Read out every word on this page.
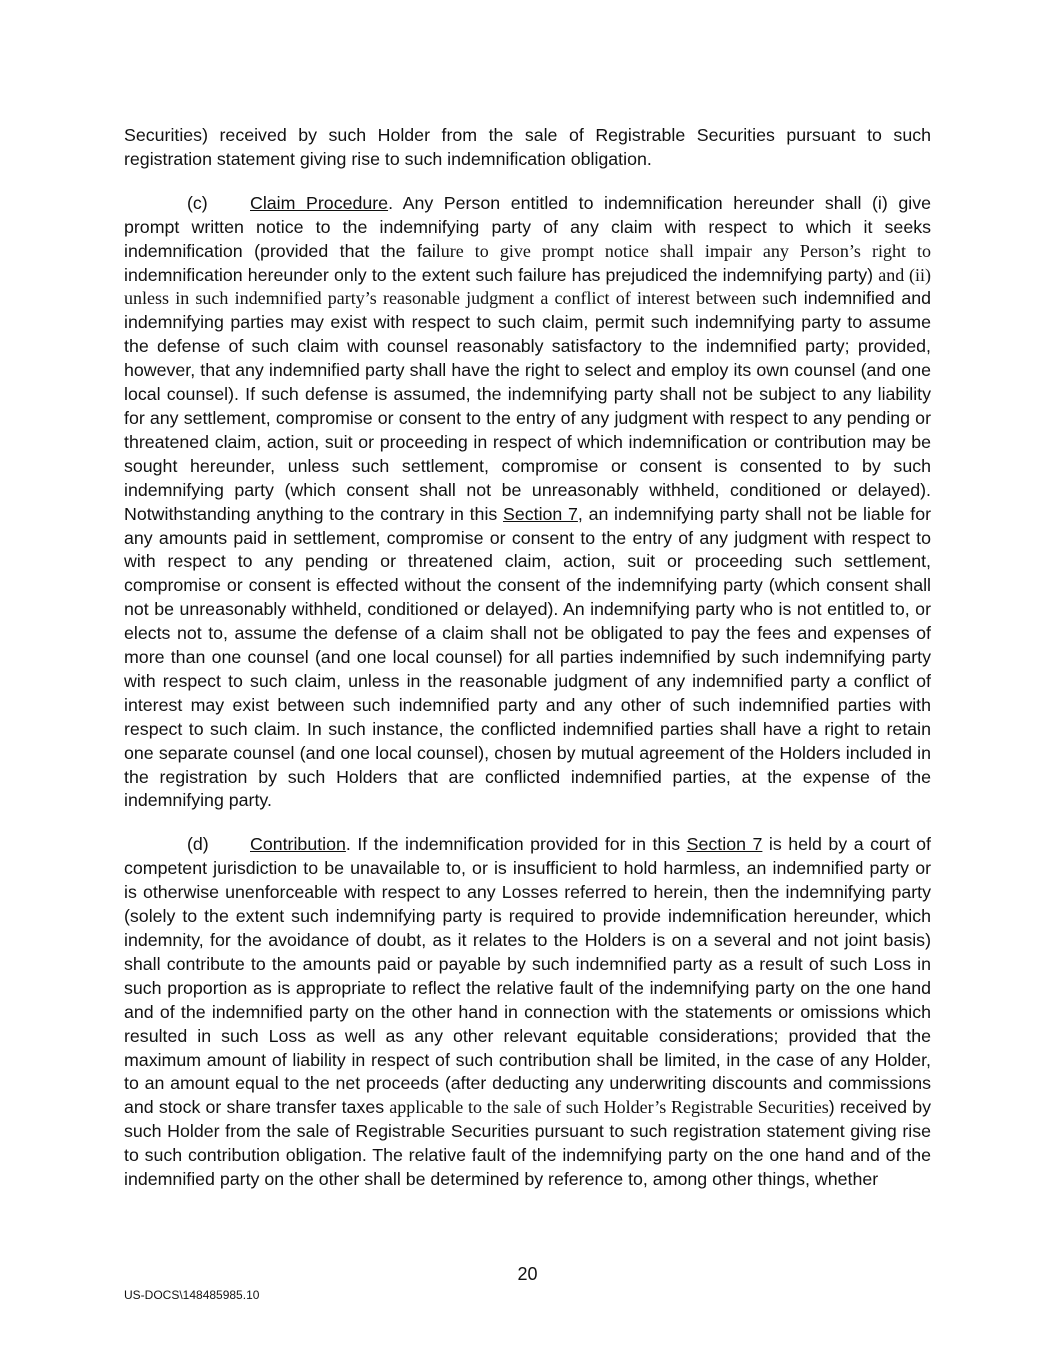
Securities) received by such Holder from the sale of Registrable Securities pursuant to such registration statement giving rise to such indemnification obligation.

(c) Claim Procedure. Any Person entitled to indemnification hereunder shall (i) give prompt written notice to the indemnifying party of any claim with respect to which it seeks indemnification (provided that the failure to give prompt notice shall impair any Person’s right to indemnification hereunder only to the extent such failure has prejudiced the indemnifying party) and (ii) unless in such indemnified party’s reasonable judgment a conflict of interest between such indemnified and indemnifying parties may exist with respect to such claim, permit such indemnifying party to assume the defense of such claim with counsel reasonably satisfactory to the indemnified party; provided, however, that any indemnified party shall have the right to select and employ its own counsel (and one local counsel). If such defense is assumed, the indemnifying party shall not be subject to any liability for any settlement, compromise or consent to the entry of any judgment with respect to any pending or threatened claim, action, suit or proceeding in respect of which indemnification or contribution may be sought hereunder, unless such settlement, compromise or consent is consented to by such indemnifying party (which consent shall not be unreasonably withheld, conditioned or delayed). Notwithstanding anything to the contrary in this Section 7, an indemnifying party shall not be liable for any amounts paid in settlement, compromise or consent to the entry of any judgment with respect to with respect to any pending or threatened claim, action, suit or proceeding such settlement, compromise or consent is effected without the consent of the indemnifying party (which consent shall not be unreasonably withheld, conditioned or delayed). An indemnifying party who is not entitled to, or elects not to, assume the defense of a claim shall not be obligated to pay the fees and expenses of more than one counsel (and one local counsel) for all parties indemnified by such indemnifying party with respect to such claim, unless in the reasonable judgment of any indemnified party a conflict of interest may exist between such indemnified party and any other of such indemnified parties with respect to such claim. In such instance, the conflicted indemnified parties shall have a right to retain one separate counsel (and one local counsel), chosen by mutual agreement of the Holders included in the registration by such Holders that are conflicted indemnified parties, at the expense of the indemnifying party.

(d) Contribution. If the indemnification provided for in this Section 7 is held by a court of competent jurisdiction to be unavailable to, or is insufficient to hold harmless, an indemnified party or is otherwise unenforceable with respect to any Losses referred to herein, then the indemnifying party (solely to the extent such indemnifying party is required to provide indemnification hereunder, which indemnity, for the avoidance of doubt, as it relates to the Holders is on a several and not joint basis) shall contribute to the amounts paid or payable by such indemnified party as a result of such Loss in such proportion as is appropriate to reflect the relative fault of the indemnifying party on the one hand and of the indemnified party on the other hand in connection with the statements or omissions which resulted in such Loss as well as any other relevant equitable considerations; provided that the maximum amount of liability in respect of such contribution shall be limited, in the case of any Holder, to an amount equal to the net proceeds (after deducting any underwriting discounts and commissions and stock or share transfer taxes applicable to the sale of such Holder’s Registrable Securities) received by such Holder from the sale of Registrable Securities pursuant to such registration statement giving rise to such contribution obligation. The relative fault of the indemnifying party on the one hand and of the indemnified party on the other shall be determined by reference to, among other things, whether

20
US-DOCS\148485985.10
